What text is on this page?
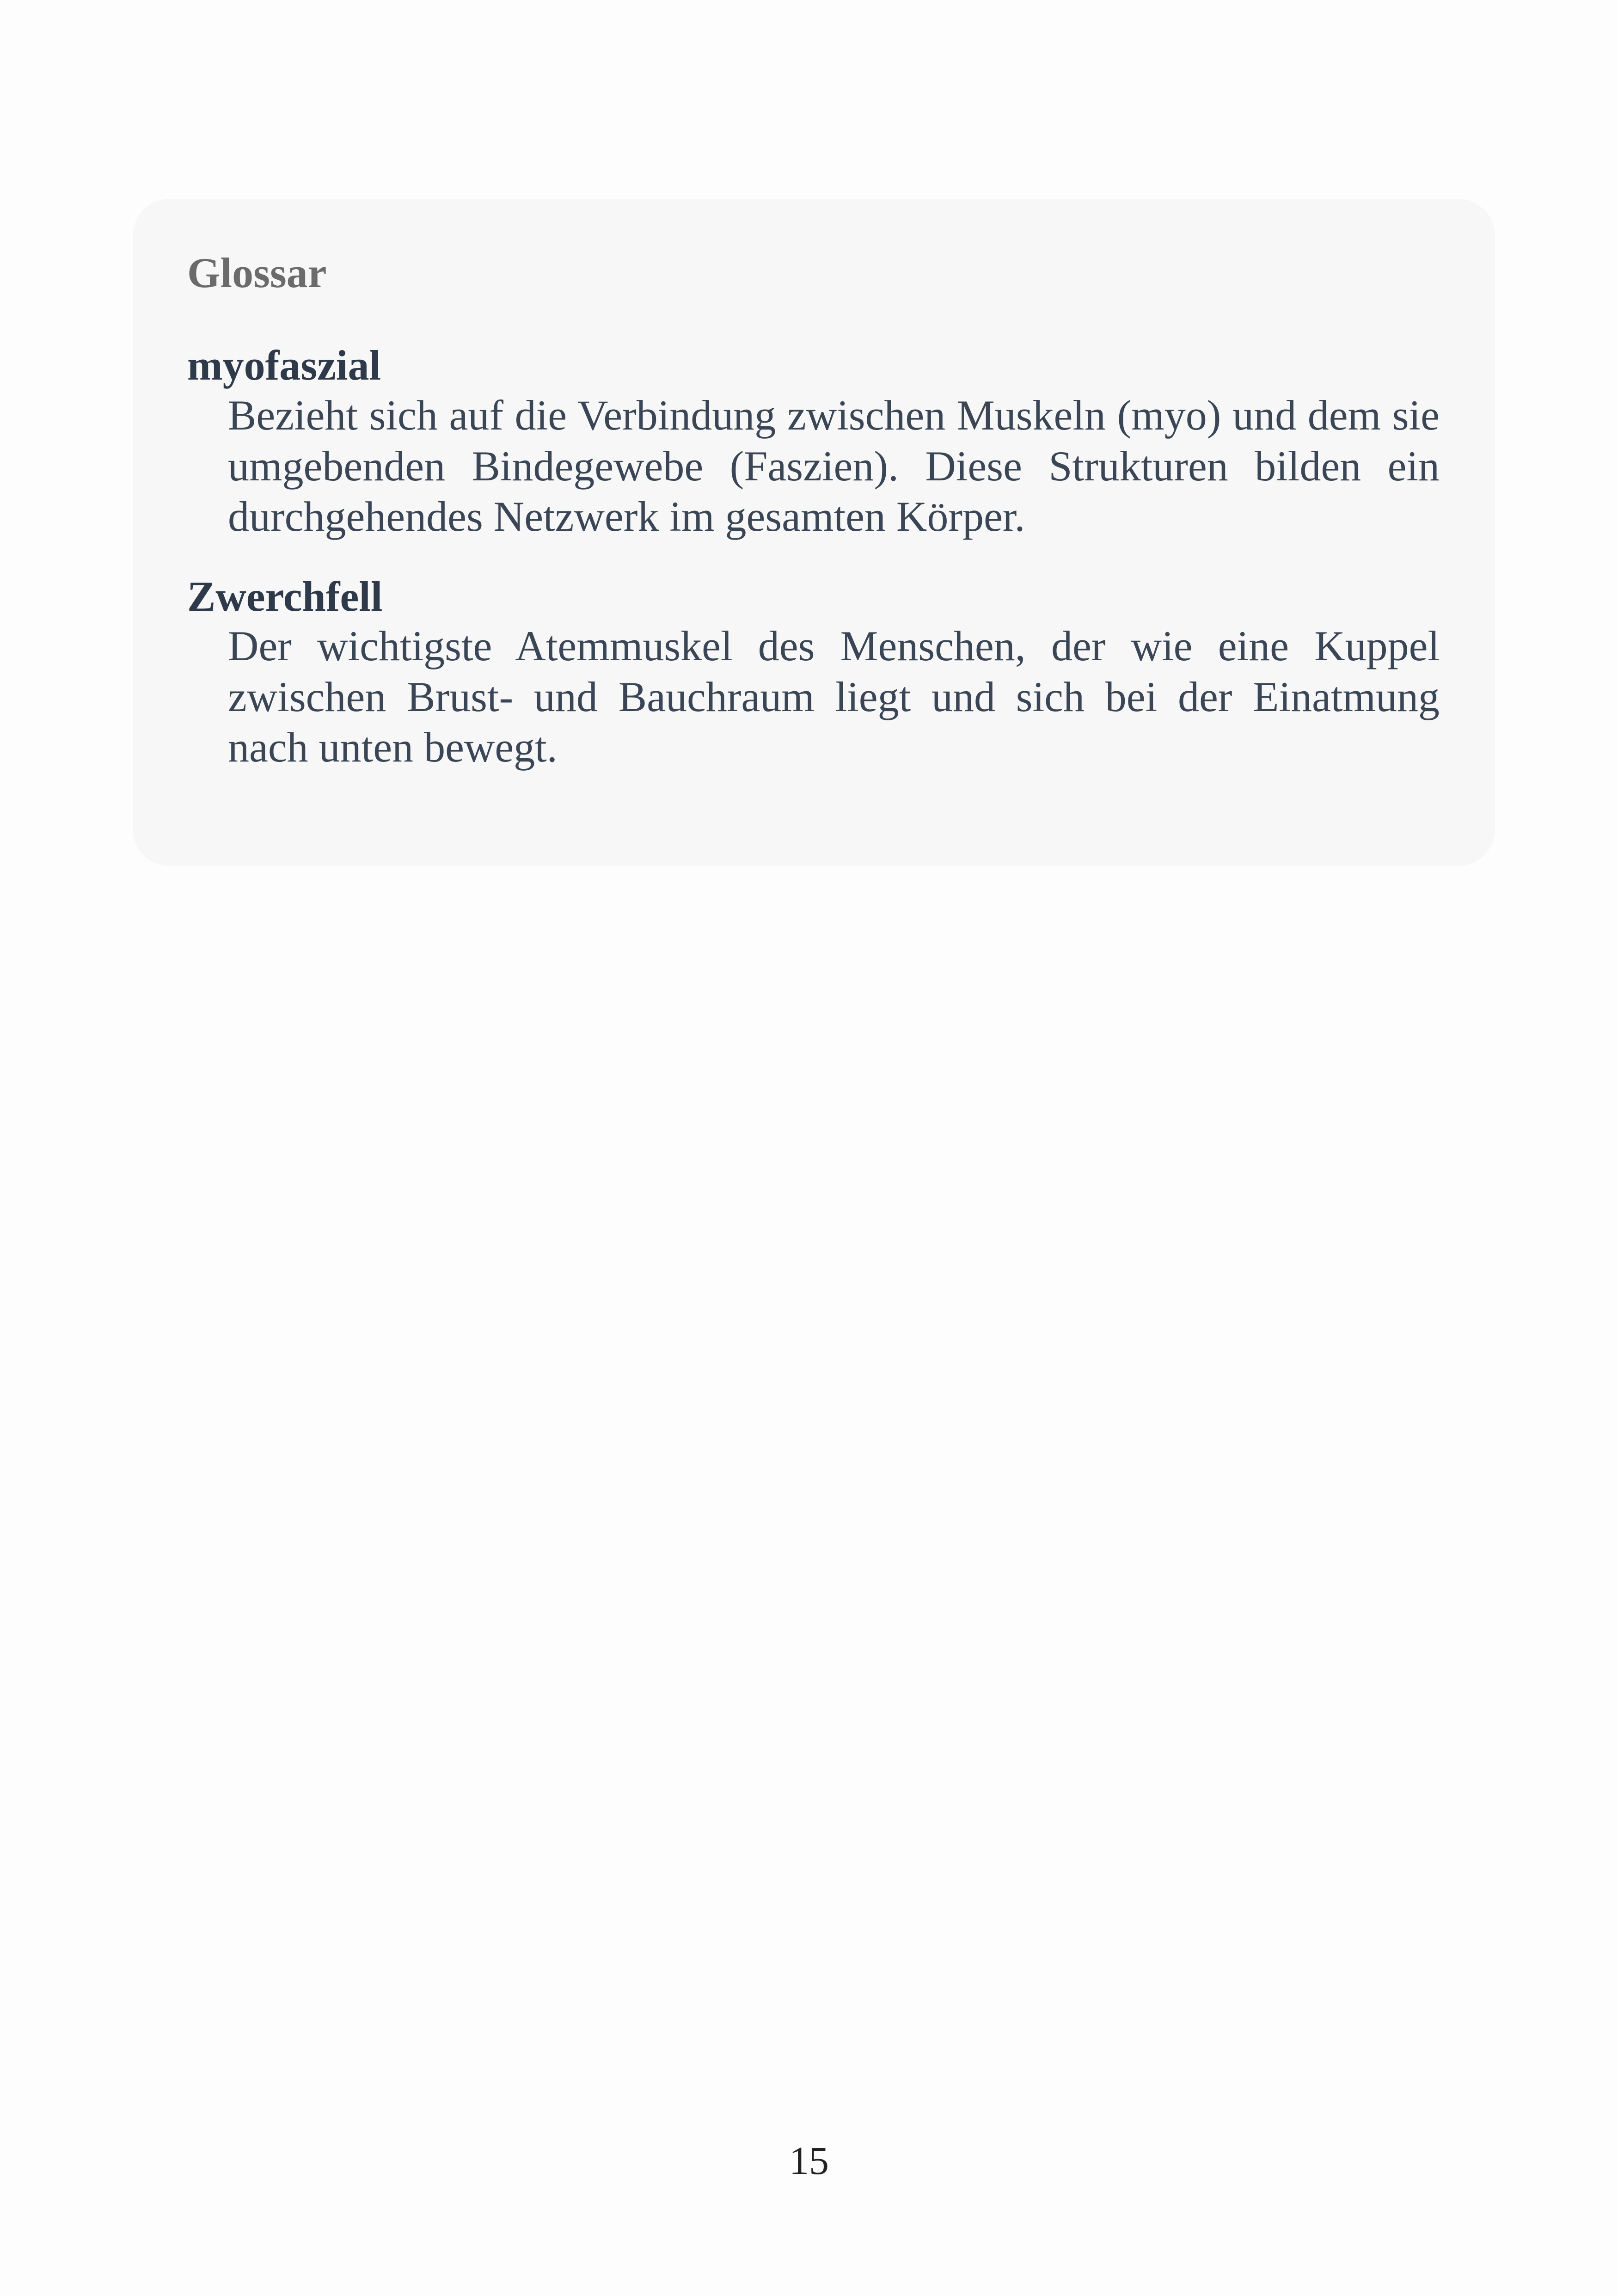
Glossar
myofaszial
Bezieht sich auf die Verbindung zwischen Muskeln (myo) und dem sie umgebenden Bindegewebe (Faszien). Diese Strukturen bilden ein durchgehendes Netzwerk im gesamten Körper.
Zwerchfell
Der wichtigste Atemmuskel des Menschen, der wie eine Kuppel zwischen Brust- und Bauchraum liegt und sich bei der Einatmung nach unten bewegt.
15
